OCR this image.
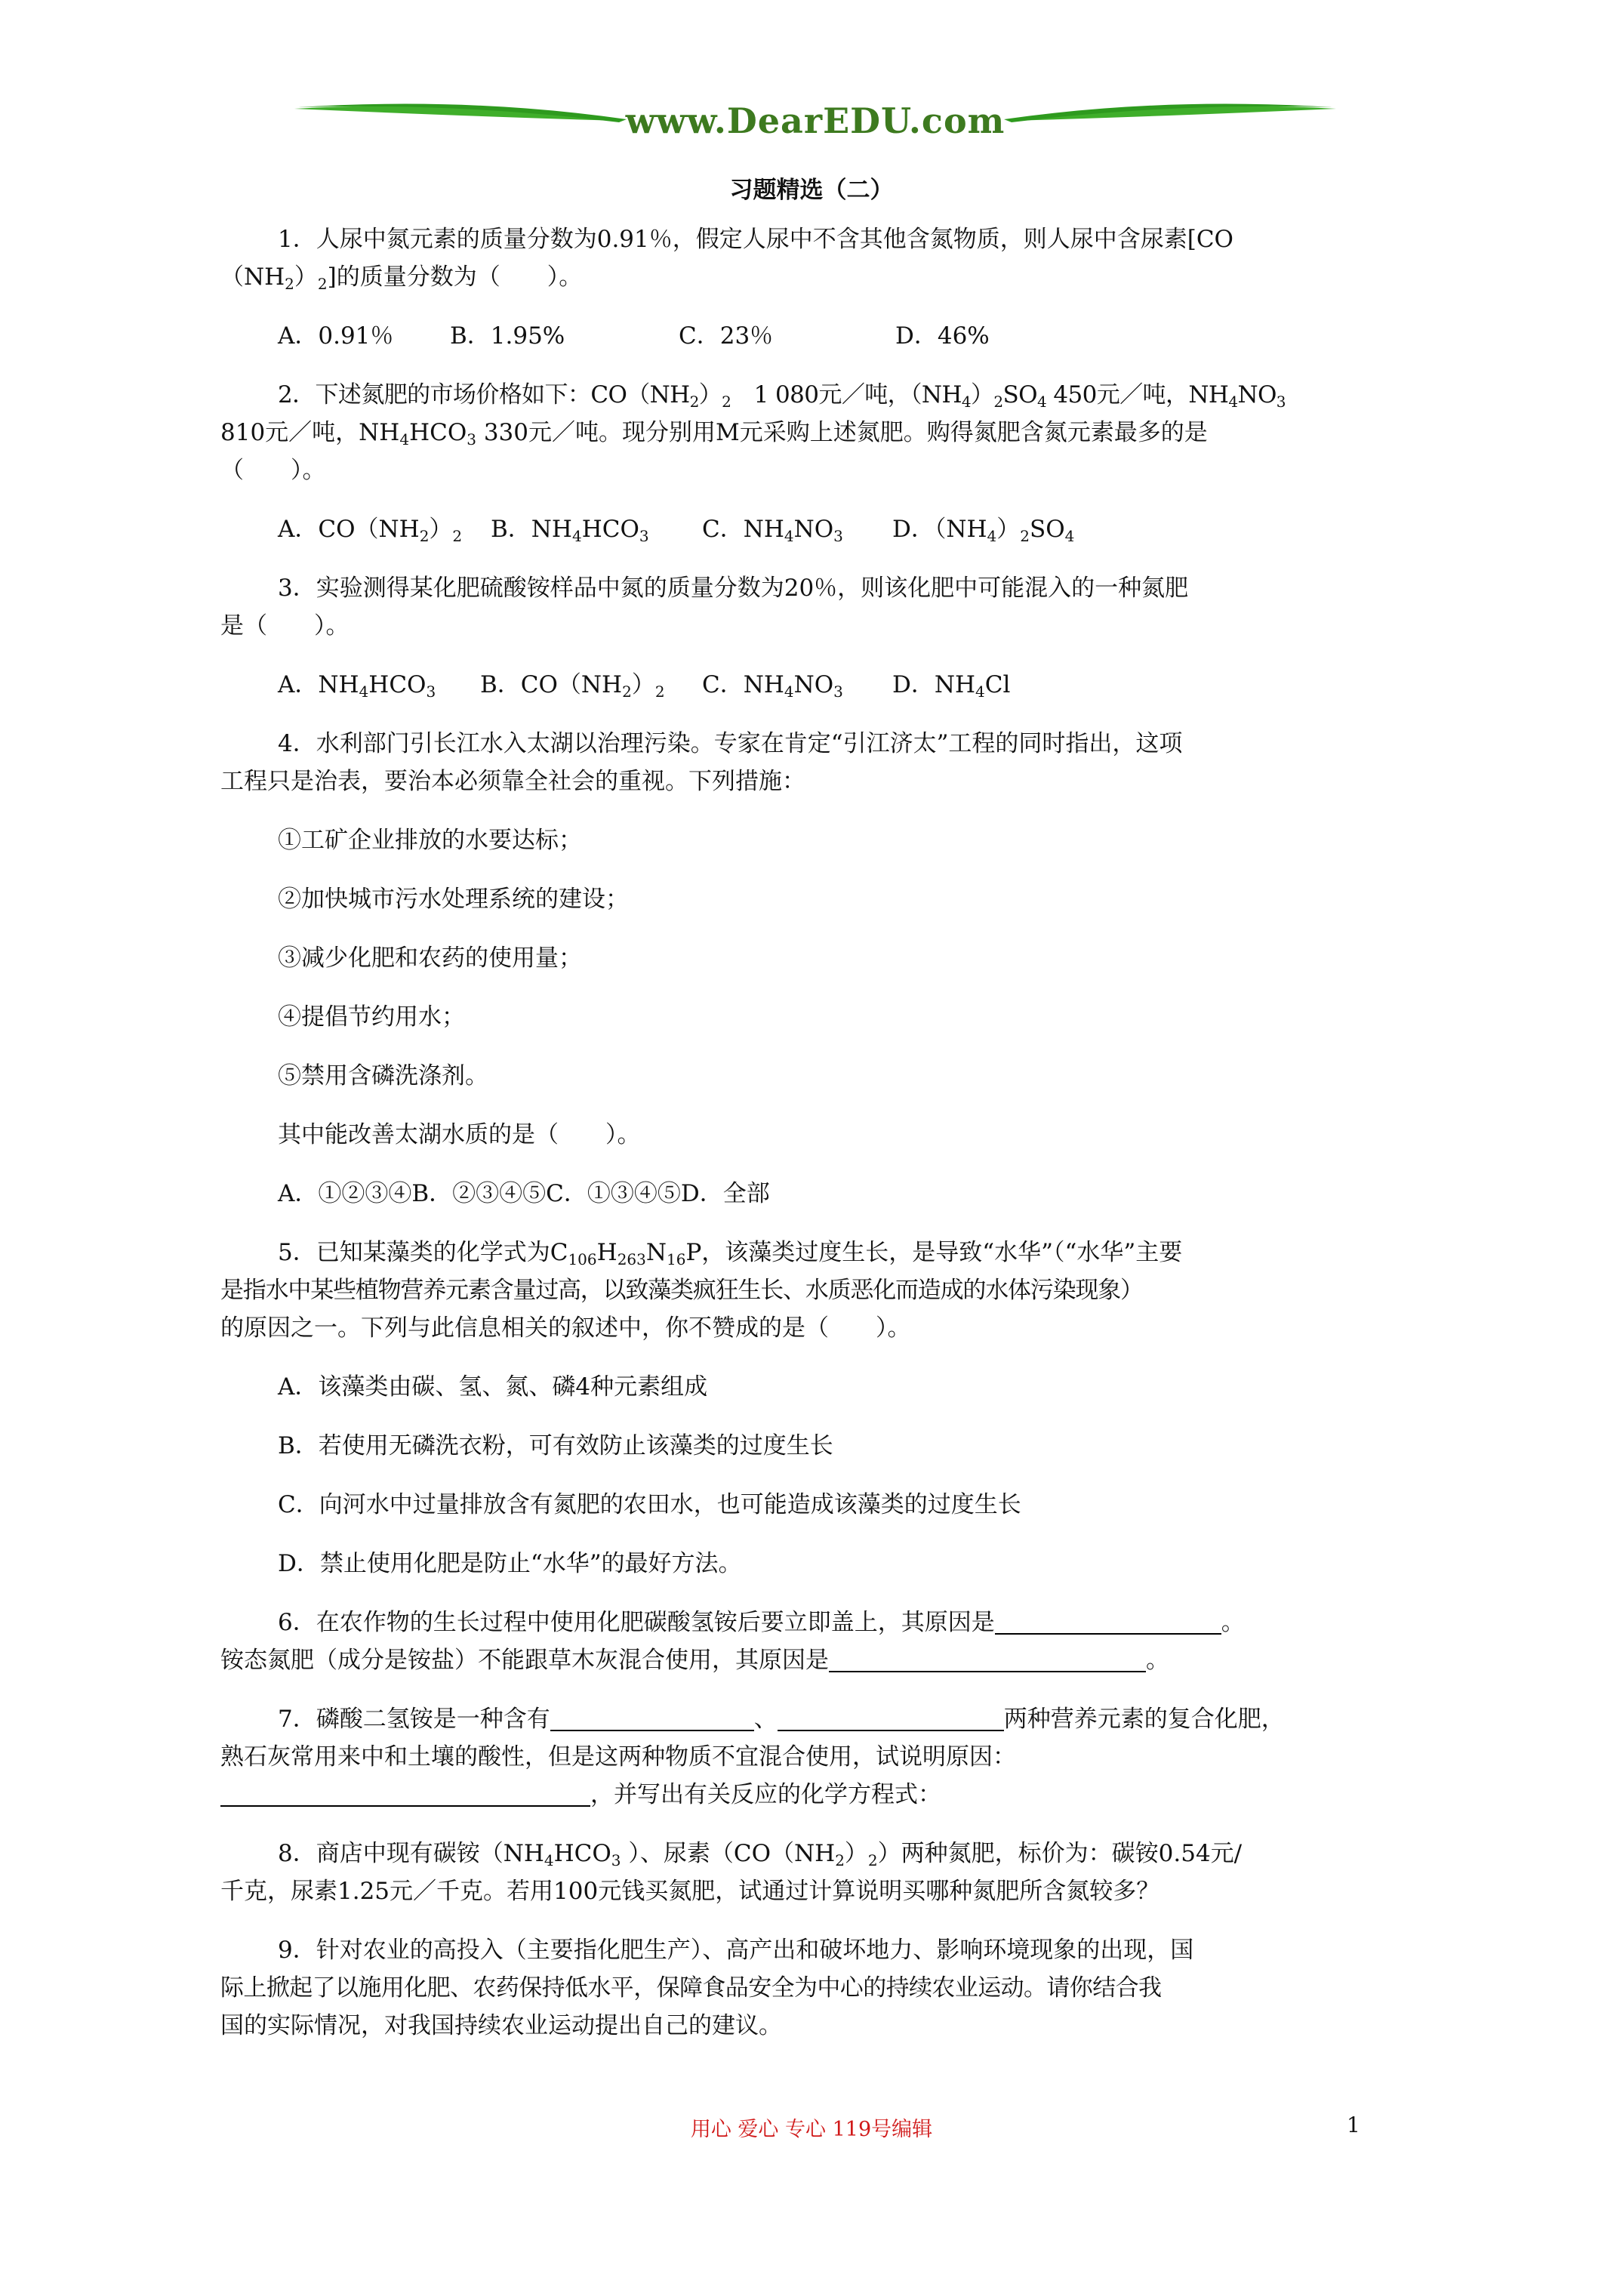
www.DearEDU.com
习题精选（二）

1．人尿中氮元素的质量分数为0.91％，假定人尿中不含其他含氮物质，则人尿中含尿素[CO

$(NH_2)_2$]的质量分数为（　　）。

A．0.91％ B．1.95%	C．23％	D．46%

2．下述氮肥的市场价格如下：$CO(NH_2)_2$　1 080元／吨，$(NH_4)_2SO_4$ 450元／吨，$NH_4NO_3$

810元／吨，$NH_4HCO_3$ 330元／吨。现分别用M元采购上述氮肥。购得氮肥含氮元素最多的是

（　　）。

A．$CO(NH_2)_2$ B．$NH_4HCO_3$ C．$NH_4NO_3$ D．$(NH_4)_2SO_4$

3．实验测得某化肥硫酸铵样品中氮的质量分数为20％，则该化肥中可能混入的一种氮肥

是（　　）。

A．$NH_4HCO_3$ B．$CO(NH_2)_2$ C．$NH_4NO_3$ D．$NH_4Cl$

4．水利部门引长江水入太湖以治理污染。专家在肯定“引江济太”工程的同时指出，这项

工程只是治表，要治本必须靠全社会的重视。下列措施：

①工矿企业排放的水要达标；

②加快城市污水处理系统的建设；

③减少化肥和农药的使用量；

④提倡节约用水；

⑤禁用含磷洗涤剂。

其中能改善太湖水质的是（　　）。

A．①②③④B．②③④⑤C．①③④⑤D．全部

5．已知某藻类的化学式为$C_{106}H_{263}N_{16}P$，该藻类过度生长，是导致“水华”（“水华”主要

是指水中某些植物营养元素含量过高，以致藻类疯狂生长、水质恶化而造成的水体污染现象）

的原因之一。下列与此信息相关的叙述中，你不赞成的是（　　）。

A．该藻类由碳、氢、氮、磷4种元素组成

B．若使用无磷洗衣粉，可有效防止该藻类的过度生长

C．向河水中过量排放含有氮肥的农田水，也可能造成该藻类的过度生长

D．禁止使用化肥是防止“水华”的最好方法。

6．在农作物的生长过程中使用化肥碳酸氢铵后要立即盖上，其原因是	。

铵态氮肥（成分是铵盐）不能跟草木灰混合使用，其原因是	。

7．磷酸二氢铵是一种含有	、	两种营养元素的复合化肥，

熟石灰常用来中和土壤的酸性，但是这两种物质不宜混合使用，试说明原因：

，并写出有关反应的化学方程式：

8．商店中现有碳铵（$NH_4HCO_3$ ）、尿素$(CO(NH_2)_2)$两种氮肥，标价为：碳铵0.54元/

千克，尿素1.25元／千克。若用100元钱买氮肥，试通过计算说明买哪种氮肥所含氮较多？

9．针对农业的高投入（主要指化肥生产）、高产出和破坏地力、影响环境现象的出现，国

际上掀起了以施用化肥、农药保持低水平，保障食品安全为中心的持续农业运动。请你结合我

国的实际情况，对我国持续农业运动提出自己的建议。

用心 爱心 专心 119号编辑	1
